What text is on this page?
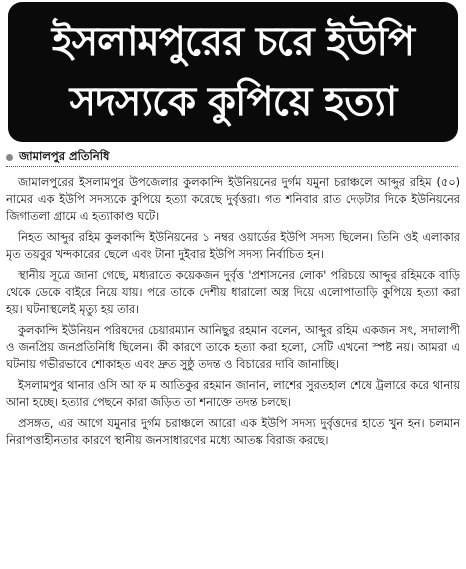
ইসলামপুরের চরে ইউপি
সদস্যকে কুপিয়ে হত্যা
জামালপুর প্রতিনিধি

জামালপুরের ইসলামপুর উপজেলার কুলকান্দি ইউনিয়নের দুর্গম যমুনা চরাঞ্চলে আব্দুর রহিম (৫০) নামের এক ইউপি সদস্যকে কুপিয়ে হত্যা করেছে দুর্বৃত্তরা। গত শনিবার রাত দেড়টার দিকে ইউনিয়নের জিগাতলা গ্রামে এ হত্যাকাণ্ড ঘটে।

নিহত আব্দুর রহিম কুলকান্দি ইউনিয়নের ১ নম্বর ওয়ার্ডের ইউপি সদস্য ছিলেন। তিনি ওই এলাকার মৃত তয়বুর খন্দকারের ছেলে এবং টানা দুইবার ইউপি সদস্য নির্বাচিত হন।

স্থানীয় সূত্রে জানা গেছে, মধ্যরাতে কয়েকজন দুর্বৃত্ত 'প্রশাসনের লোক' পরিচয়ে আব্দুর রহিমকে বাড়ি থেকে ডেকে বাইরে নিয়ে যায়। পরে তাকে দেশীয় ধারালো অস্ত্র দিয়ে এলোপাতাড়ি কুপিয়ে হত্যা করা হয়। ঘটনাস্থলেই মৃত্যু হয় তার।

কুলকান্দি ইউনিয়ন পরিষদের চেয়ারম্যান আনিছুর রহমান বলেন, আব্দুর রহিম একজন সৎ, সদালাপী ও জনপ্রিয় জনপ্রতিনিধি ছিলেন। কী কারণে তাকে হত্যা করা হলো, সেটি এখনো স্পষ্ট নয়। আমরা এ ঘটনায় গভীরভাবে শোকাহত এবং দ্রুত সুষ্ঠু তদন্ত ও বিচারের দাবি জানাচ্ছি।

ইসলামপুর থানার ওসি আ ফ ম আতিকুর রহমান জানান, লাশের সুরতহাল শেষে ট্রলারে করে থানায় আনা হচ্ছে। হত্যার পেছনে কারা জড়িত তা শনাক্তে তদন্ত চলছে।

প্রসঙ্গত, এর আগে যমুনার দুর্গম চরাঞ্চলে আরো এক ইউপি সদস্য দুর্বৃত্তদের হাতে খুন হন। চলমান নিরাপত্তাহীনতার কারণে স্থানীয় জনসাধারণের মধ্যে আতঙ্ক বিরাজ করছে।
